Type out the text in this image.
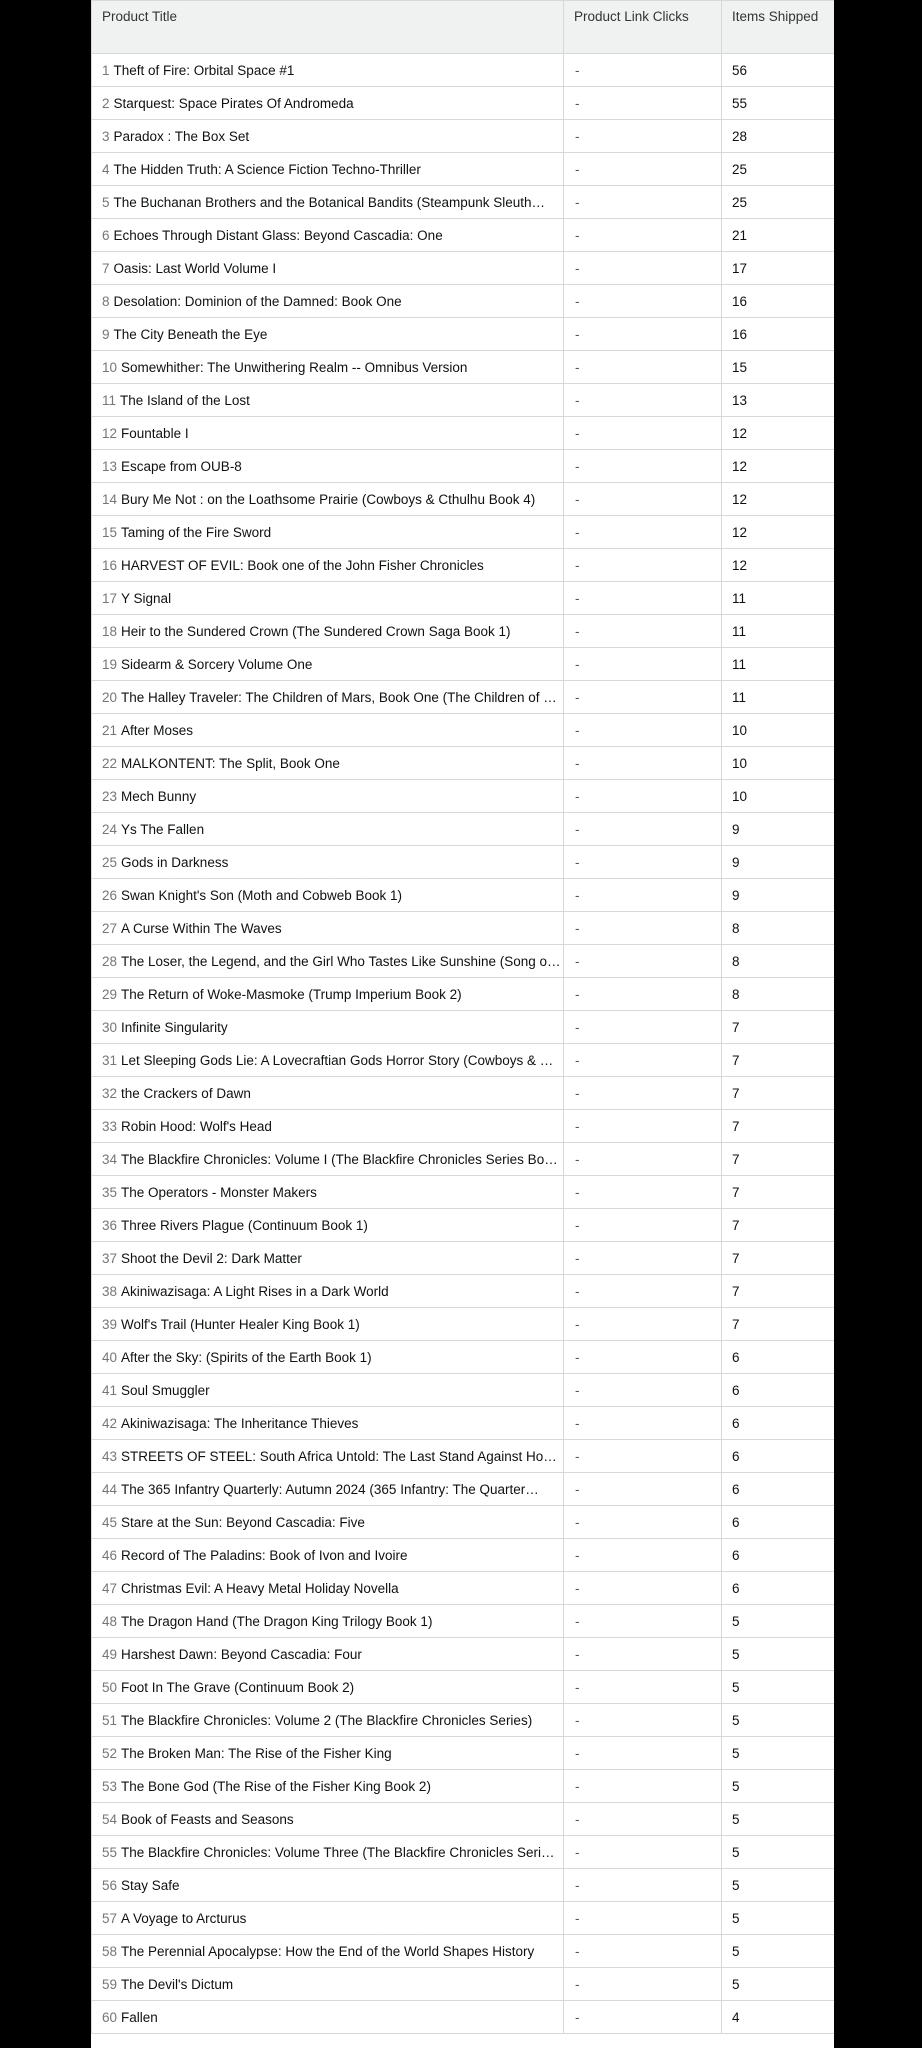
Product Title	Product Link Clicks	Items Shipped
1 Theft of Fire: Orbital Space #1	-	56
2 Starquest: Space Pirates Of Andromeda	-	55
3 Paradox : The Box Set	-	28
4 The Hidden Truth: A Science Fiction Techno-Thriller	-	25
5 The Buchanan Brothers and the Botanical Bandits (Steampunk Sleuth…	-	25
6 Echoes Through Distant Glass: Beyond Cascadia: One	-	21
7 Oasis: Last World Volume I	-	17
8 Desolation: Dominion of the Damned: Book One	-	16
9 The City Beneath the Eye	-	16
10 Somewhither: The Unwithering Realm -- Omnibus Version	-	15
11 The Island of the Lost	-	13
12 Fountable I	-	12
13 Escape from OUB-8	-	12
14 Bury Me Not : on the Loathsome Prairie (Cowboys & Cthulhu Book 4)	-	12
15 Taming of the Fire Sword	-	12
16 HARVEST OF EVIL: Book one of the John Fisher Chronicles	-	12
17 Y Signal	-	11
18 Heir to the Sundered Crown (The Sundered Crown Saga Book 1)	-	11
19 Sidearm & Sorcery Volume One	-	11
20 The Halley Traveler: The Children of Mars, Book One (The Children of …	-	11
21 After Moses	-	10
22 MALKONTENT: The Split, Book One	-	10
23 Mech Bunny	-	10
24 Ys The Fallen	-	9
25 Gods in Darkness	-	9
26 Swan Knight's Son (Moth and Cobweb Book 1)	-	9
27 A Curse Within The Waves	-	8
28 The Loser, the Legend, and the Girl Who Tastes Like Sunshine (Song o…	-	8
29 The Return of Woke-Masmoke (Trump Imperium Book 2)	-	8
30 Infinite Singularity	-	7
31 Let Sleeping Gods Lie: A Lovecraftian Gods Horror Story (Cowboys & …	-	7
32 the Crackers of Dawn	-	7
33 Robin Hood: Wolf's Head	-	7
34 The Blackfire Chronicles: Volume I (The Blackfire Chronicles Series Bo…	-	7
35 The Operators - Monster Makers	-	7
36 Three Rivers Plague (Continuum Book 1)	-	7
37 Shoot the Devil 2: Dark Matter	-	7
38 Akiniwazisaga: A Light Rises in a Dark World	-	7
39 Wolf's Trail (Hunter Healer King Book 1)	-	7
40 After the Sky: (Spirits of the Earth Book 1)	-	6
41 Soul Smuggler	-	6
42 Akiniwazisaga: The Inheritance Thieves	-	6
43 STREETS OF STEEL: South Africa Untold: The Last Stand Against Ho…	-	6
44 The 365 Infantry Quarterly: Autumn 2024 (365 Infantry: The Quarter…	-	6
45 Stare at the Sun: Beyond Cascadia: Five	-	6
46 Record of The Paladins: Book of Ivon and Ivoire	-	6
47 Christmas Evil: A Heavy Metal Holiday Novella	-	6
48 The Dragon Hand (The Dragon King Trilogy Book 1)	-	5
49 Harshest Dawn: Beyond Cascadia: Four	-	5
50 Foot In The Grave (Continuum Book 2)	-	5
51 The Blackfire Chronicles: Volume 2 (The Blackfire Chronicles Series)	-	5
52 The Broken Man: The Rise of the Fisher King	-	5
53 The Bone God (The Rise of the Fisher King Book 2)	-	5
54 Book of Feasts and Seasons	-	5
55 The Blackfire Chronicles: Volume Three (The Blackfire Chronicles Seri…	-	5
56 Stay Safe	-	5
57 A Voyage to Arcturus	-	5
58 The Perennial Apocalypse: How the End of the World Shapes History	-	5
59 The Devil's Dictum	-	5
60 Fallen	-	4
